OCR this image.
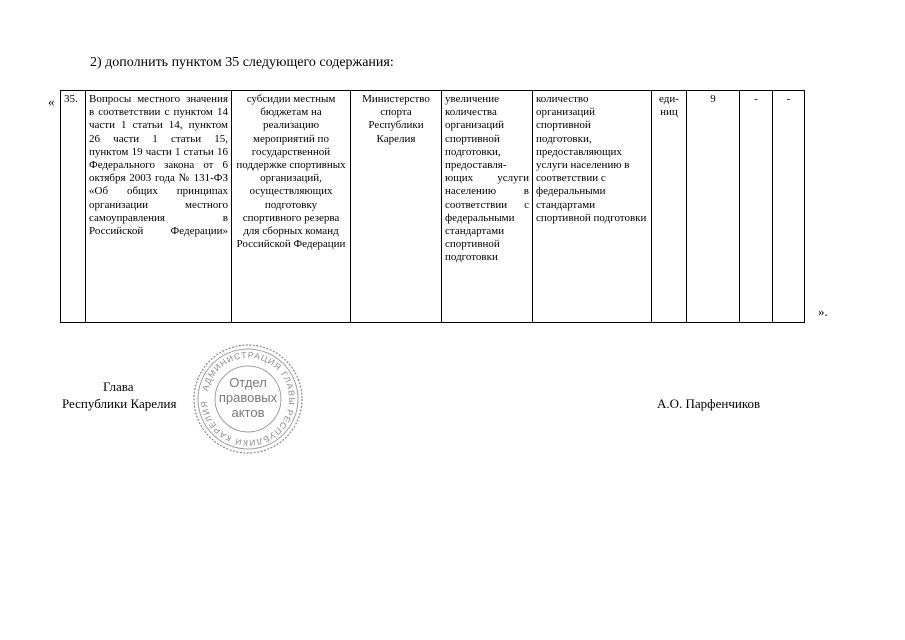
2) дополнить пунктом 35 следующего содержания:
« 35.	Вопросы местного значения в соответствии с пунктом 14 части 1 статьи 14, пунктом 26 части 1 статьи 15, пунктом 19 части 1 статьи 16 Федерального закона от 6 октября 2003 года № 131-ФЗ «Об общих принципах организации местного самоуправления в Российской Федерации»	субсидии местным бюджетам на реализацию мероприятий по государственной поддержке спортивных организаций, осуществляющих подготовку спортивного резерва для сборных команд Российской Федерации	Министерство спорта Республики Карелия	увеличение количества организаций спортивной подготовки, предоставля-ющих услуги населению в соответствии с федеральными стандартами спортивной подготовки	количество организаций спортивной подготовки, предоставляющих услуги населению в соответствии с федеральными стандартами спортивной подготовки	еди-ниц	9	-	-
».
Глава
Республики Карелия	А.О. Парфенчиков
АДМИНИСТРАЦИЯ ГЛАВЫ РЕСПУБЛИКИ КАРЕЛИЯ
Отдел
правовых
актов
